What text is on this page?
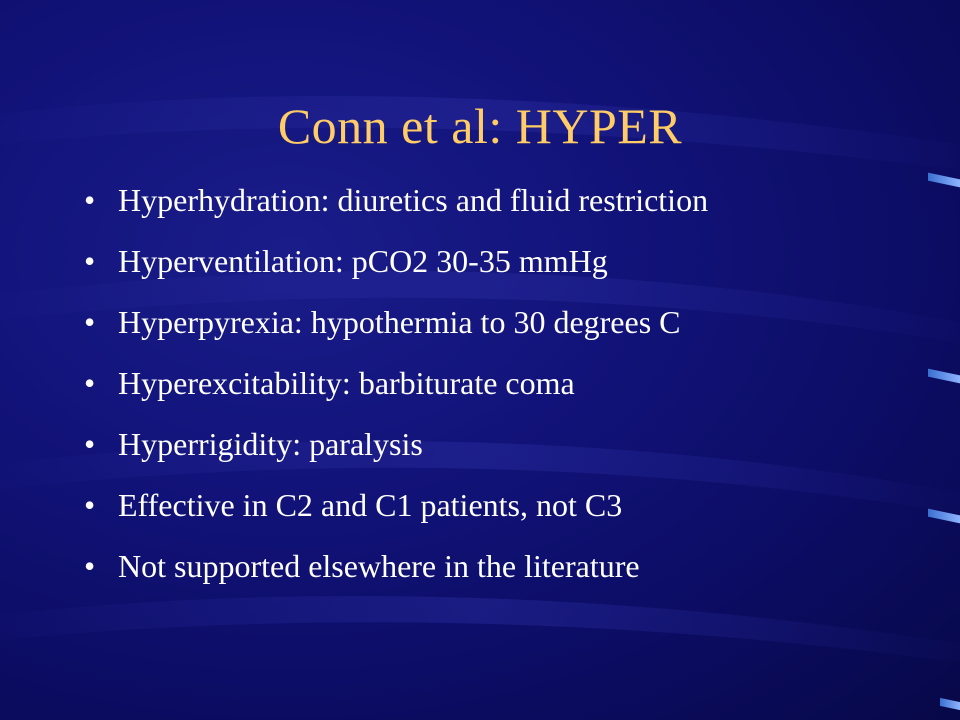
Conn et al: HYPER
• Hyperhydration: diuretics and fluid restriction
• Hyperventilation: pCO2 30-35 mmHg
• Hyperpyrexia: hypothermia to 30 degrees C
• Hyperexcitability: barbiturate coma
• Hyperrigidity: paralysis
• Effective in C2 and C1 patients, not C3
• Not supported elsewhere in the literature
